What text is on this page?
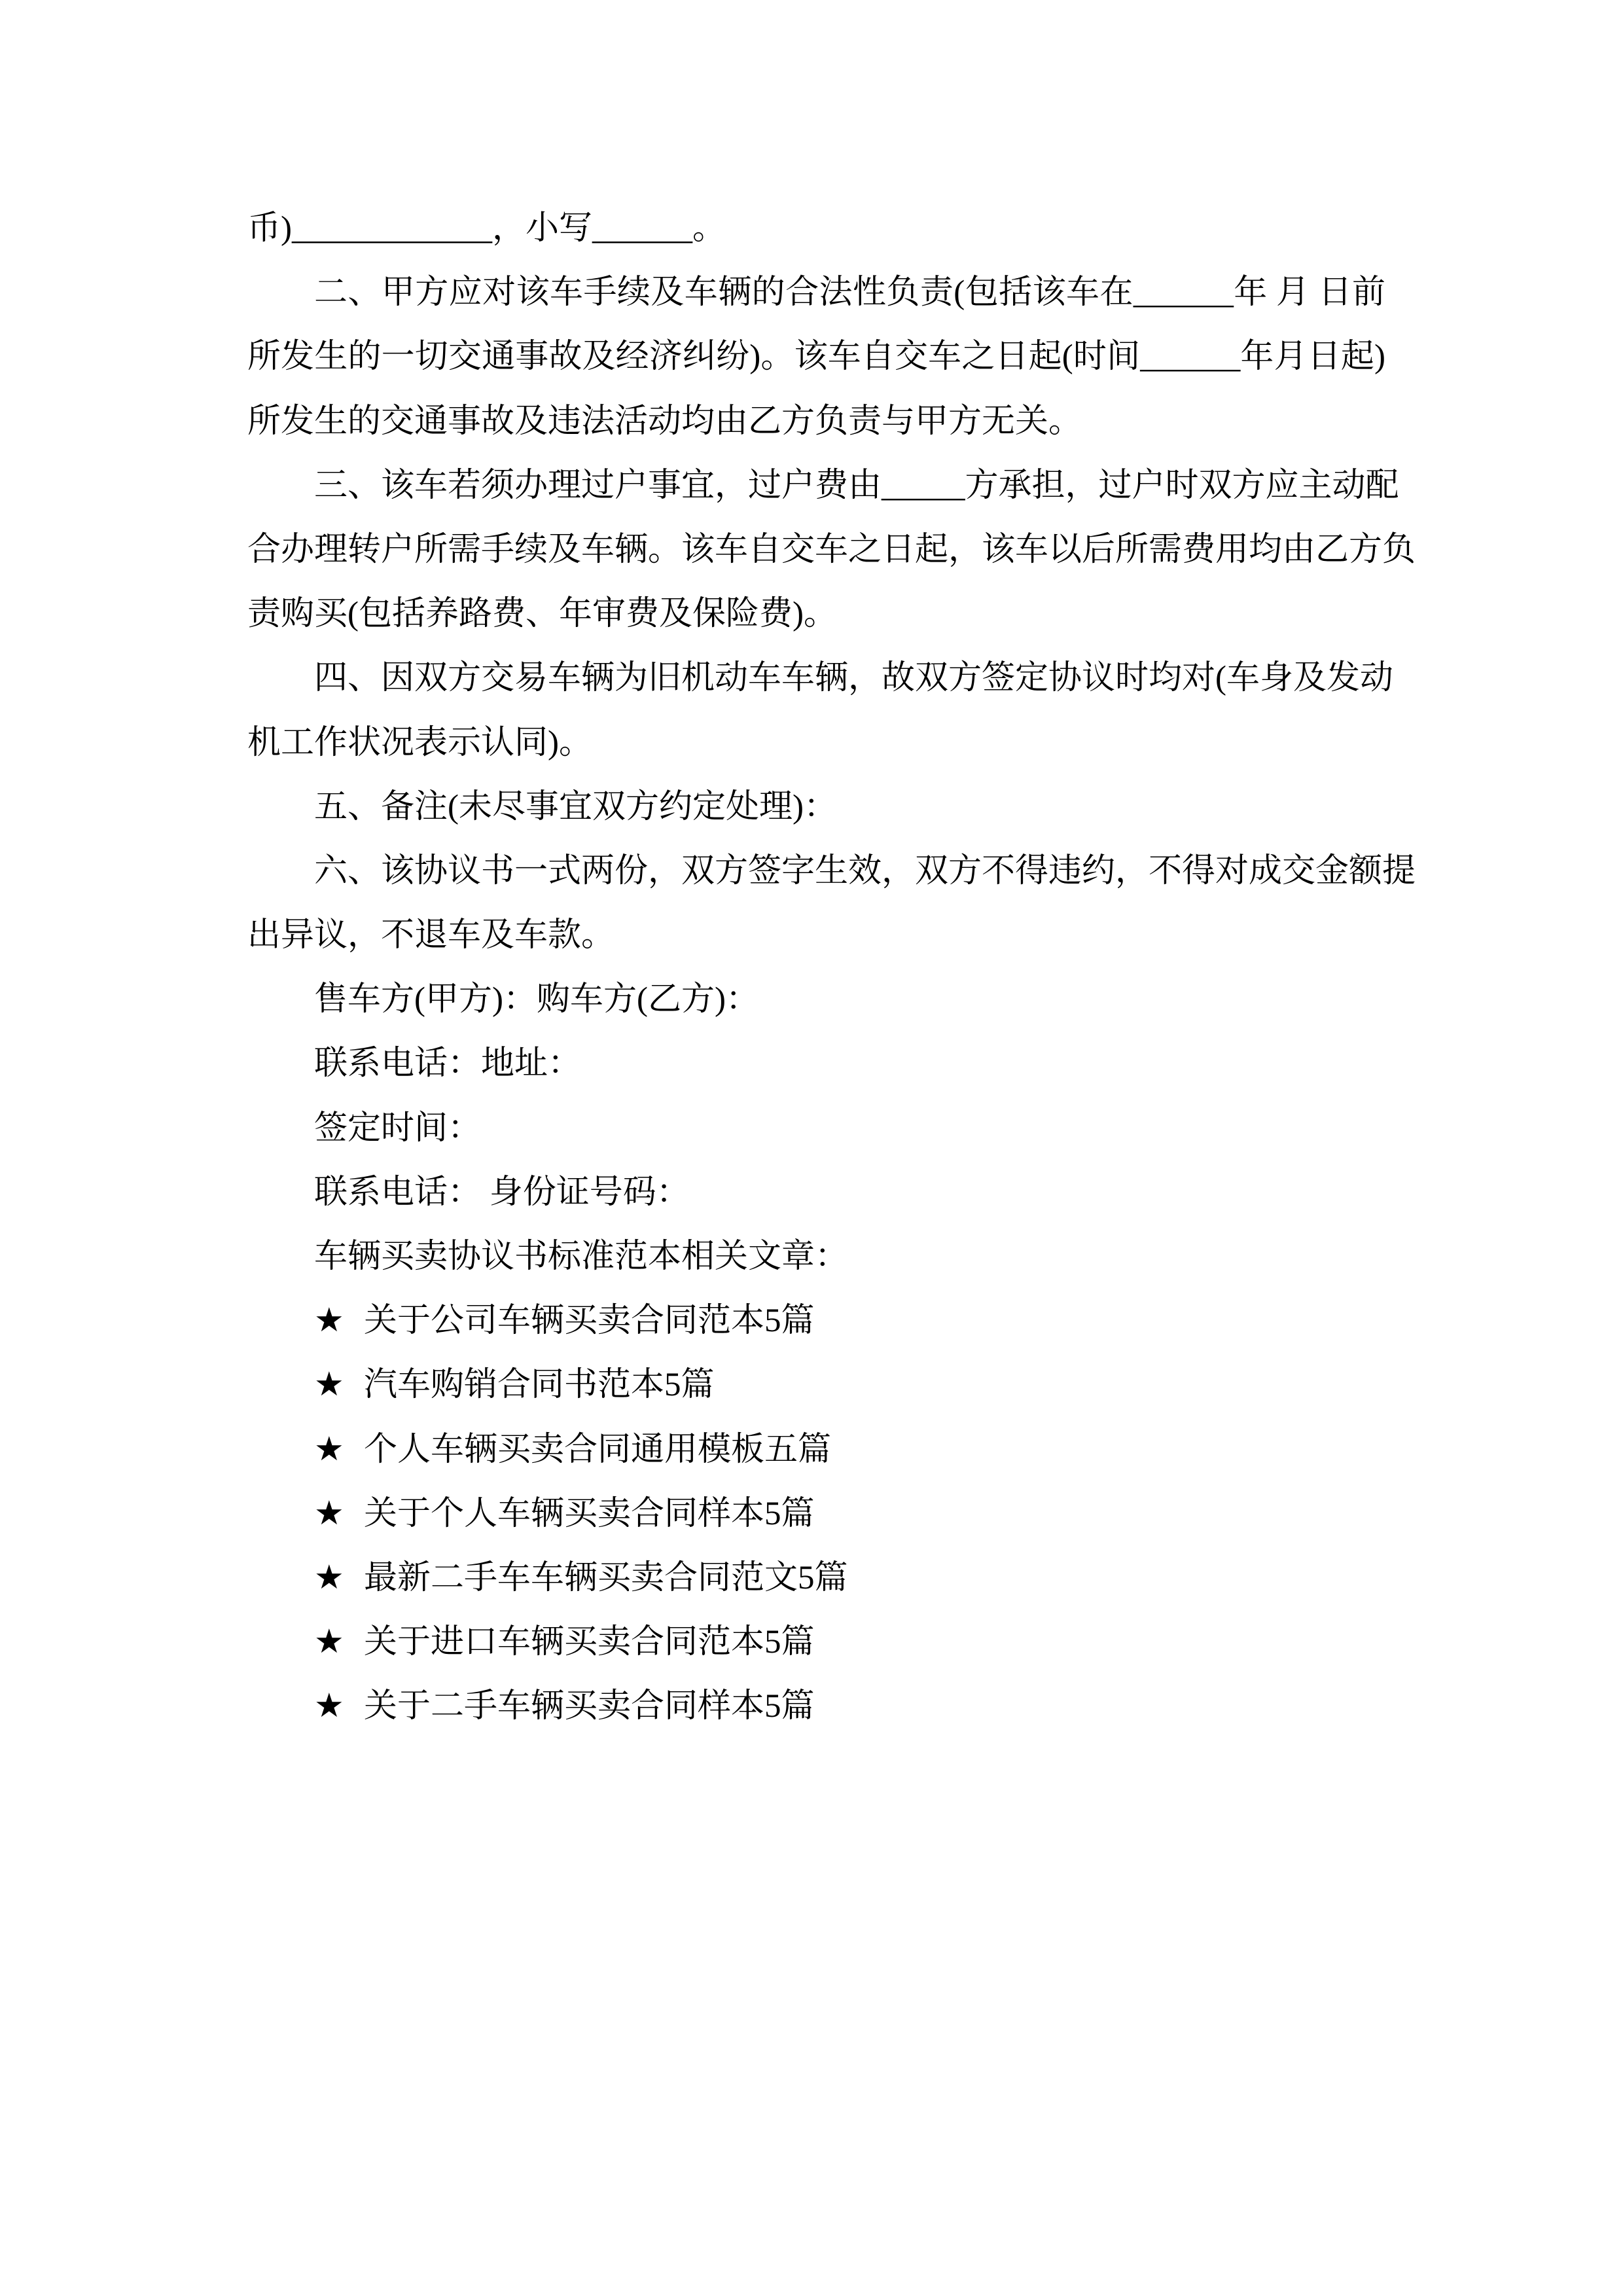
币)____________，小写______。
二、甲方应对该车手续及车辆的合法性负责(包括该车在______年 月 日前
所发生的一切交通事故及经济纠纷)。该车自交车之日起(时间______年月日起)
所发生的交通事故及违法活动均由乙方负责与甲方无关。
三、该车若须办理过户事宜，过户费由_____方承担，过户时双方应主动配
合办理转户所需手续及车辆。该车自交车之日起，该车以后所需费用均由乙方负
责购买(包括养路费、年审费及保险费)。
四、因双方交易车辆为旧机动车车辆，故双方签定协议时均对(车身及发动
机工作状况表示认同)。
五、备注(未尽事宜双方约定处理)：
六、该协议书一式两份，双方签字生效，双方不得违约，不得对成交金额提
出异议，不退车及车款。
售车方(甲方)：购车方(乙方)：
联系电话：地址：
签定时间：
联系电话： 身份证号码：
车辆买卖协议书标准范本相关文章：
★ 关于公司车辆买卖合同范本5篇
★ 汽车购销合同书范本5篇
★ 个人车辆买卖合同通用模板五篇
★ 关于个人车辆买卖合同样本5篇
★ 最新二手车车辆买卖合同范文5篇
★ 关于进口车辆买卖合同范本5篇
★ 关于二手车辆买卖合同样本5篇
